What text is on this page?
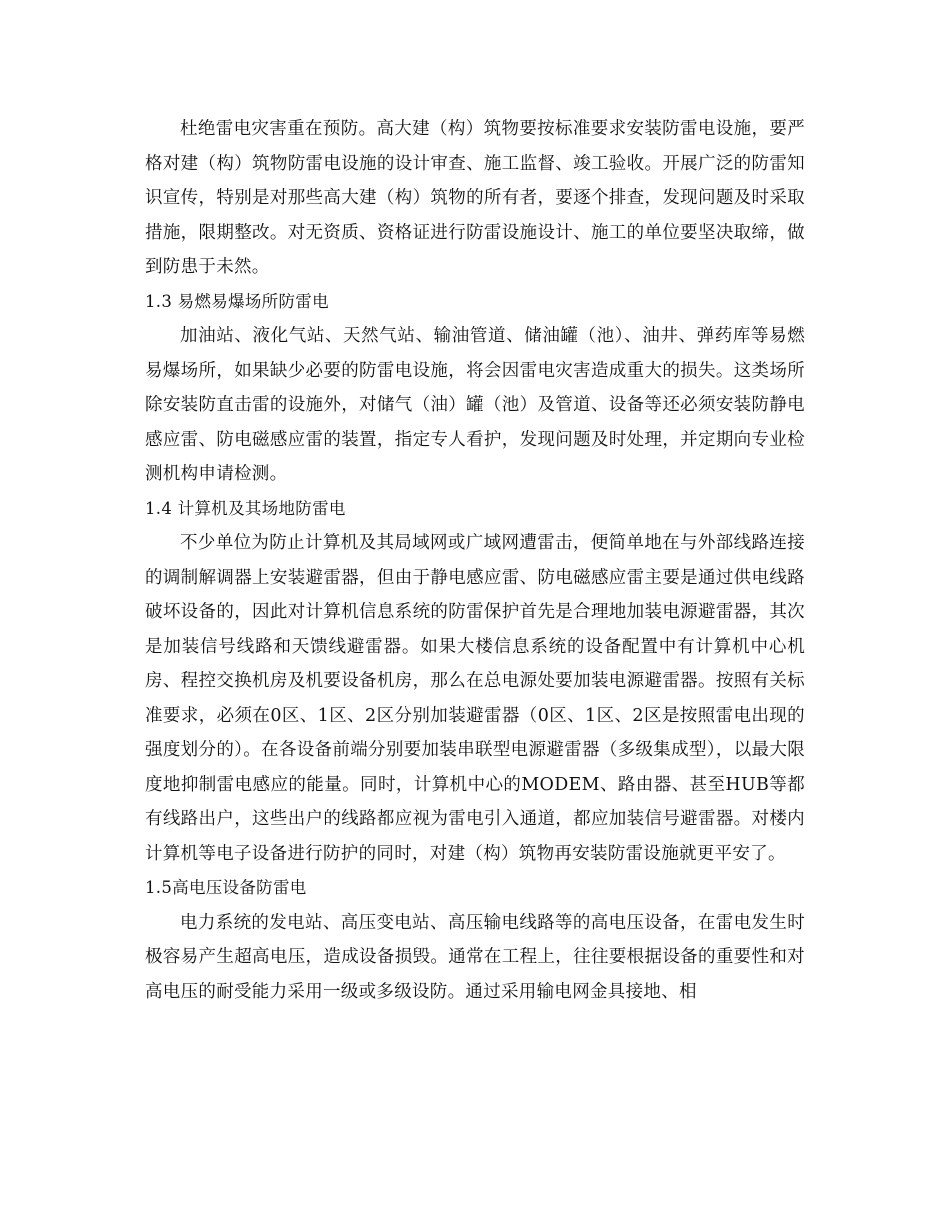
杜绝雷电灾害重在预防。高大建（构）筑物要按标准要求安装防雷电设施，要严格对建（构）筑物防雷电设施的设计审查、施工监督、竣工验收。开展广泛的防雷知识宣传，特别是对那些高大建（构）筑物的所有者，要逐个排查，发现问题及时采取措施，限期整改。对无资质、资格证进行防雷设施设计、施工的单位要坚决取缔，做到防患于未然。

1.3 易燃易爆场所防雷电

加油站、液化气站、天然气站、输油管道、储油罐（池）、油井、弹药库等易燃易爆场所，如果缺少必要的防雷电设施，将会因雷电灾害造成重大的损失。这类场所除安装防直击雷的设施外，对储气（油）罐（池）及管道、设备等还必须安装防静电感应雷、防电磁感应雷的装置，指定专人看护，发现问题及时处理，并定期向专业检测机构申请检测。

1.4 计算机及其场地防雷电

不少单位为防止计算机及其局域网或广域网遭雷击，便简单地在与外部线路连接的调制解调器上安装避雷器，但由于静电感应雷、防电磁感应雷主要是通过供电线路破坏设备的，因此对计算机信息系统的防雷保护首先是合理地加装电源避雷器，其次是加装信号线路和天馈线避雷器。如果大楼信息系统的设备配置中有计算机中心机房、程控交换机房及机要设备机房，那么在总电源处要加装电源避雷器。按照有关标准要求，必须在0区、1区、2区分别加装避雷器（0区、1区、2区是按照雷电出现的强度划分的）。在各设备前端分别要加装串联型电源避雷器（多级集成型），以最大限度地抑制雷电感应的能量。同时，计算机中心的MODEM、路由器、甚至HUB等都有线路出户，这些出户的线路都应视为雷电引入通道，都应加装信号避雷器。对楼内计算机等电子设备进行防护的同时，对建（构）筑物再安装防雷设施就更平安了。

1.5高电压设备防雷电

电力系统的发电站、高压变电站、高压输电线路等的高电压设备，在雷电发生时极容易产生超高电压，造成设备损毁。通常在工程上，往往要根据设备的重要性和对高电压的耐受能力采用一级或多级设防。通过采用输电网金具接地、相
